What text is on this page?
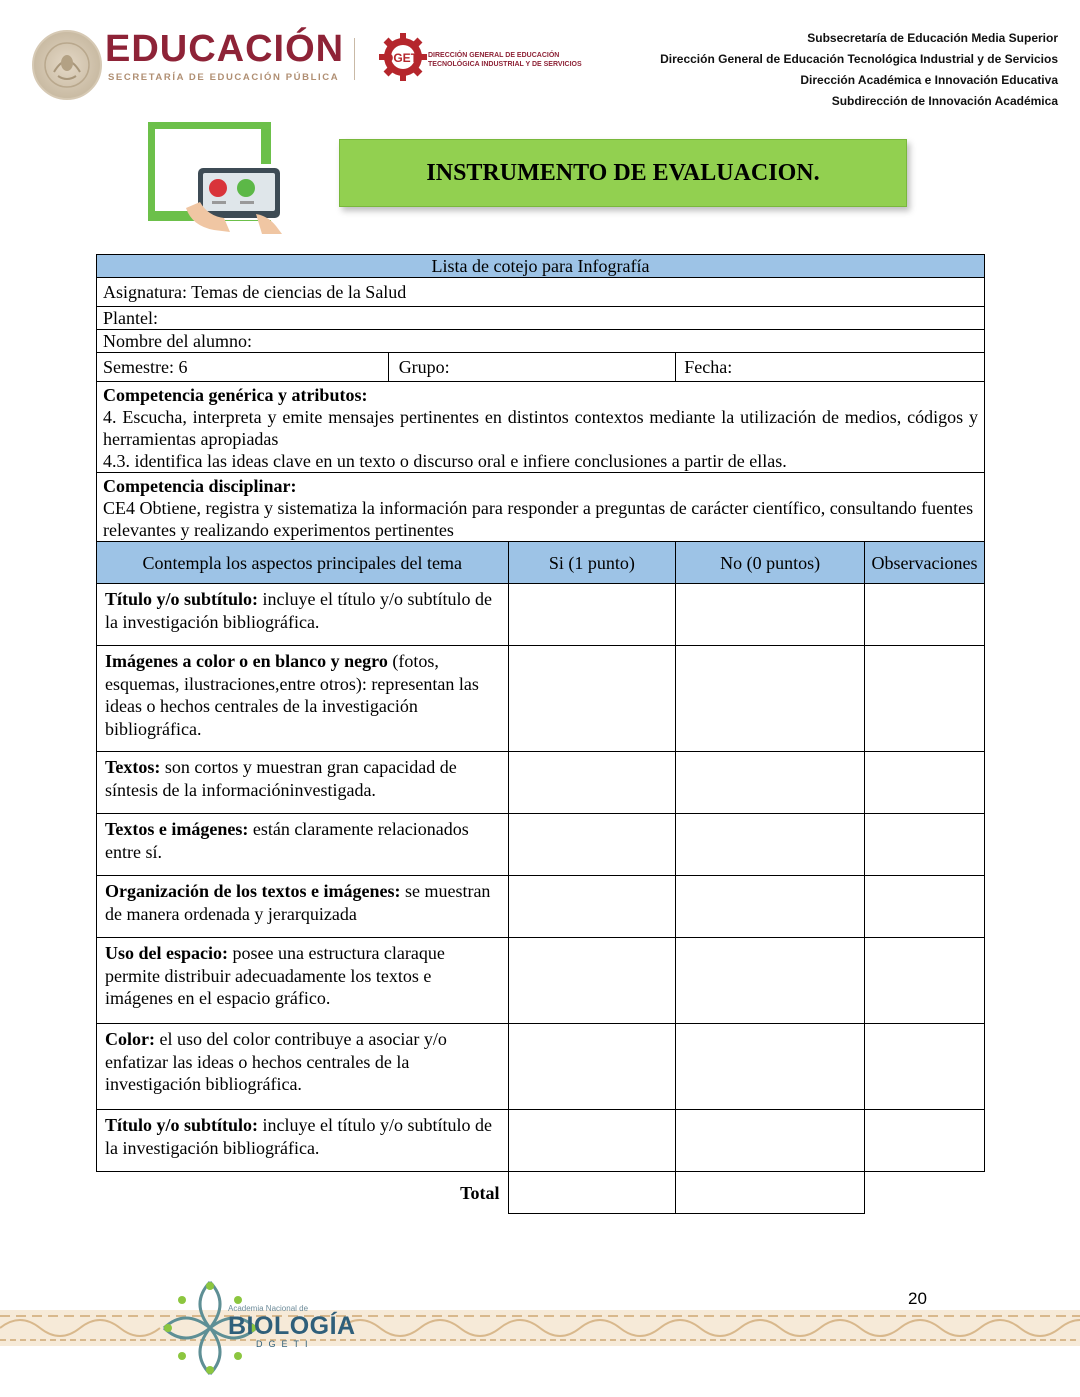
EDUCACIÓN
SECRETARÍA DE EDUCACIÓN PÚBLICA
DGETI DIRECCIÓN GENERAL DE EDUCACIÓN
TECNOLÓGICA INDUSTRIAL Y DE SERVICIOS
Subsecretaría de Educación Media Superior
Dirección General de Educación Tecnológica Industrial y de Servicios
Dirección Académica e Innovación Educativa
Subdirección de Innovación Académica
INSTRUMENTO DE EVALUACION.
Lista de cotejo para Infografía				
Asignatura: Temas de ciencias de la Salud				
Plantel:				
Nombre del alumno:				
Semestre: 6	Grupo:		Fecha:	

Competencia genérica y atributos:
4. Escucha, interpreta y emite mensajes pertinentes en distintos contextos mediante la utilización de medios, códigos y herramientas apropiadas
4.3. identifica las ideas clave en un texto o discurso oral e infiere conclusiones a partir de ellas.				

Competencia disciplinar:
CE4 Obtiene, registra y sistematiza la información para responder a preguntas de carácter científico, consultando fuentes relevantes y realizando experimentos pertinentes				

Contempla los aspectos principales del tema		Si (1 punto)	No (0 puntos)	Observaciones
Título y/o subtítulo: incluye el título y/o subtítulo de la investigación bibliográfica.				
Imágenes a color o en blanco y negro (fotos, esquemas, ilustraciones,entre otros): representan las ideas o hechos centrales de la investigación bibliográfica.				
Textos: son cortos y muestran gran capacidad de síntesis de la informacióninvestigada.				
Textos e imágenes: están claramente relacionados entre sí.				
Organización de los textos e imágenes: se muestran de manera ordenada y jerarquizada				
Uso del espacio: posee una estructura claraque permite distribuir adecuadamente los textos e imágenes en el espacio gráfico.				
Color: el uso del color contribuye a asociar y/o enfatizar las ideas o hechos centrales de la investigación bibliográfica.				
Título y/o subtítulo: incluye el título y/o subtítulo de la investigación bibliográfica.				
Total				
Academia Nacional de
BIOLOGÍA
DGETI
20
